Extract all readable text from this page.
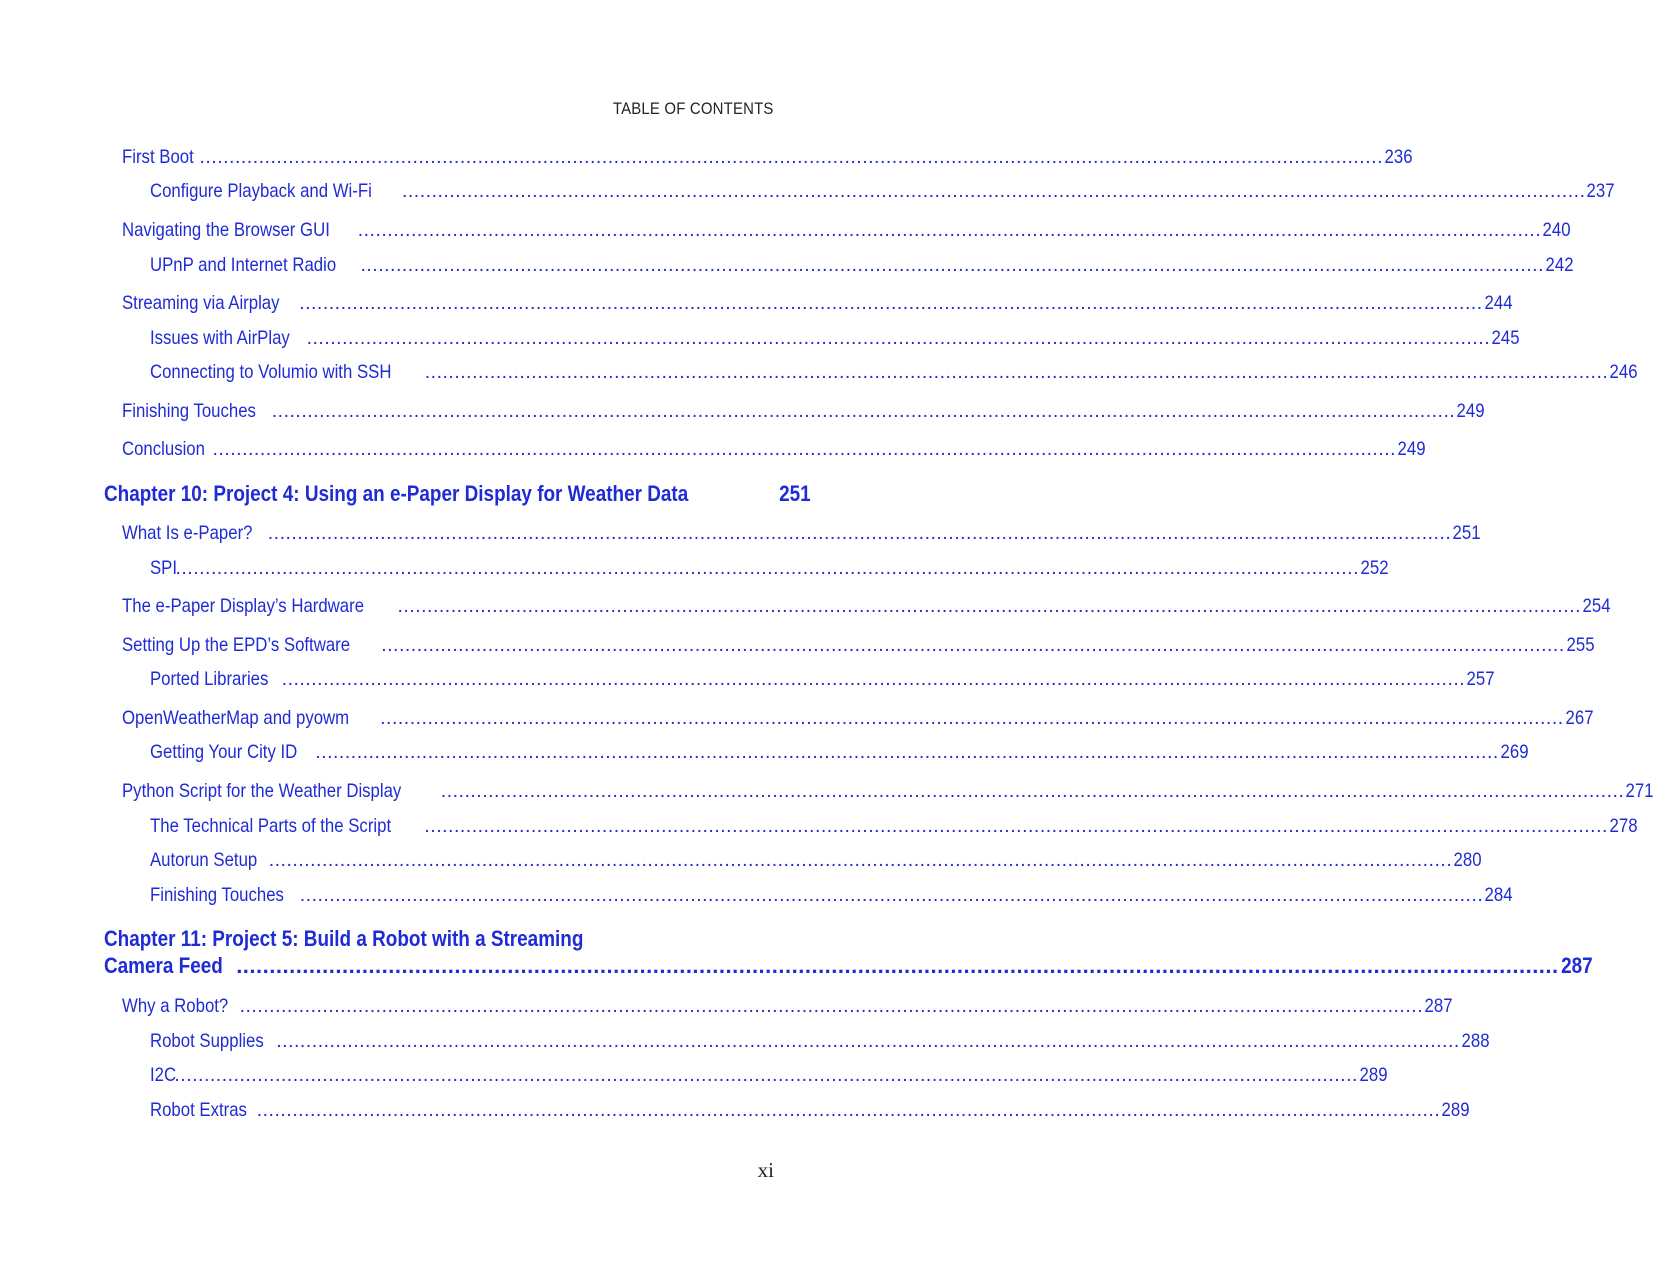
TABLE OF CONTENTS
First Boot .....	236
Configure Playback and Wi-Fi .....	237
Navigating the Browser GUI .....	240
UPnP and Internet Radio .....	242
Streaming via Airplay .....	244
Issues with AirPlay .....	245
Connecting to Volumio with SSH .....	246
Finishing Touches .....	249
Conclusion .....	249
Chapter 10: Project 4: Using an e-Paper Display for Weather Data	251
What Is e-Paper? .....	251
SPI .....	252
The e-Paper Display’s Hardware .....	254
Setting Up the EPD’s Software .....	255
Ported Libraries .....	257
OpenWeatherMap and pyowm .....	267
Getting Your City ID .....	269
Python Script for the Weather Display .....	271
The Technical Parts of the Script .....	278
Autorun Setup .....	280
Finishing Touches .....	284
Chapter 11: Project 5: Build a Robot with a Streaming
Camera Feed .....	287
Why a Robot? .....	287
Robot Supplies .....	288
I2C .....	289
Robot Extras .....	289
xi
